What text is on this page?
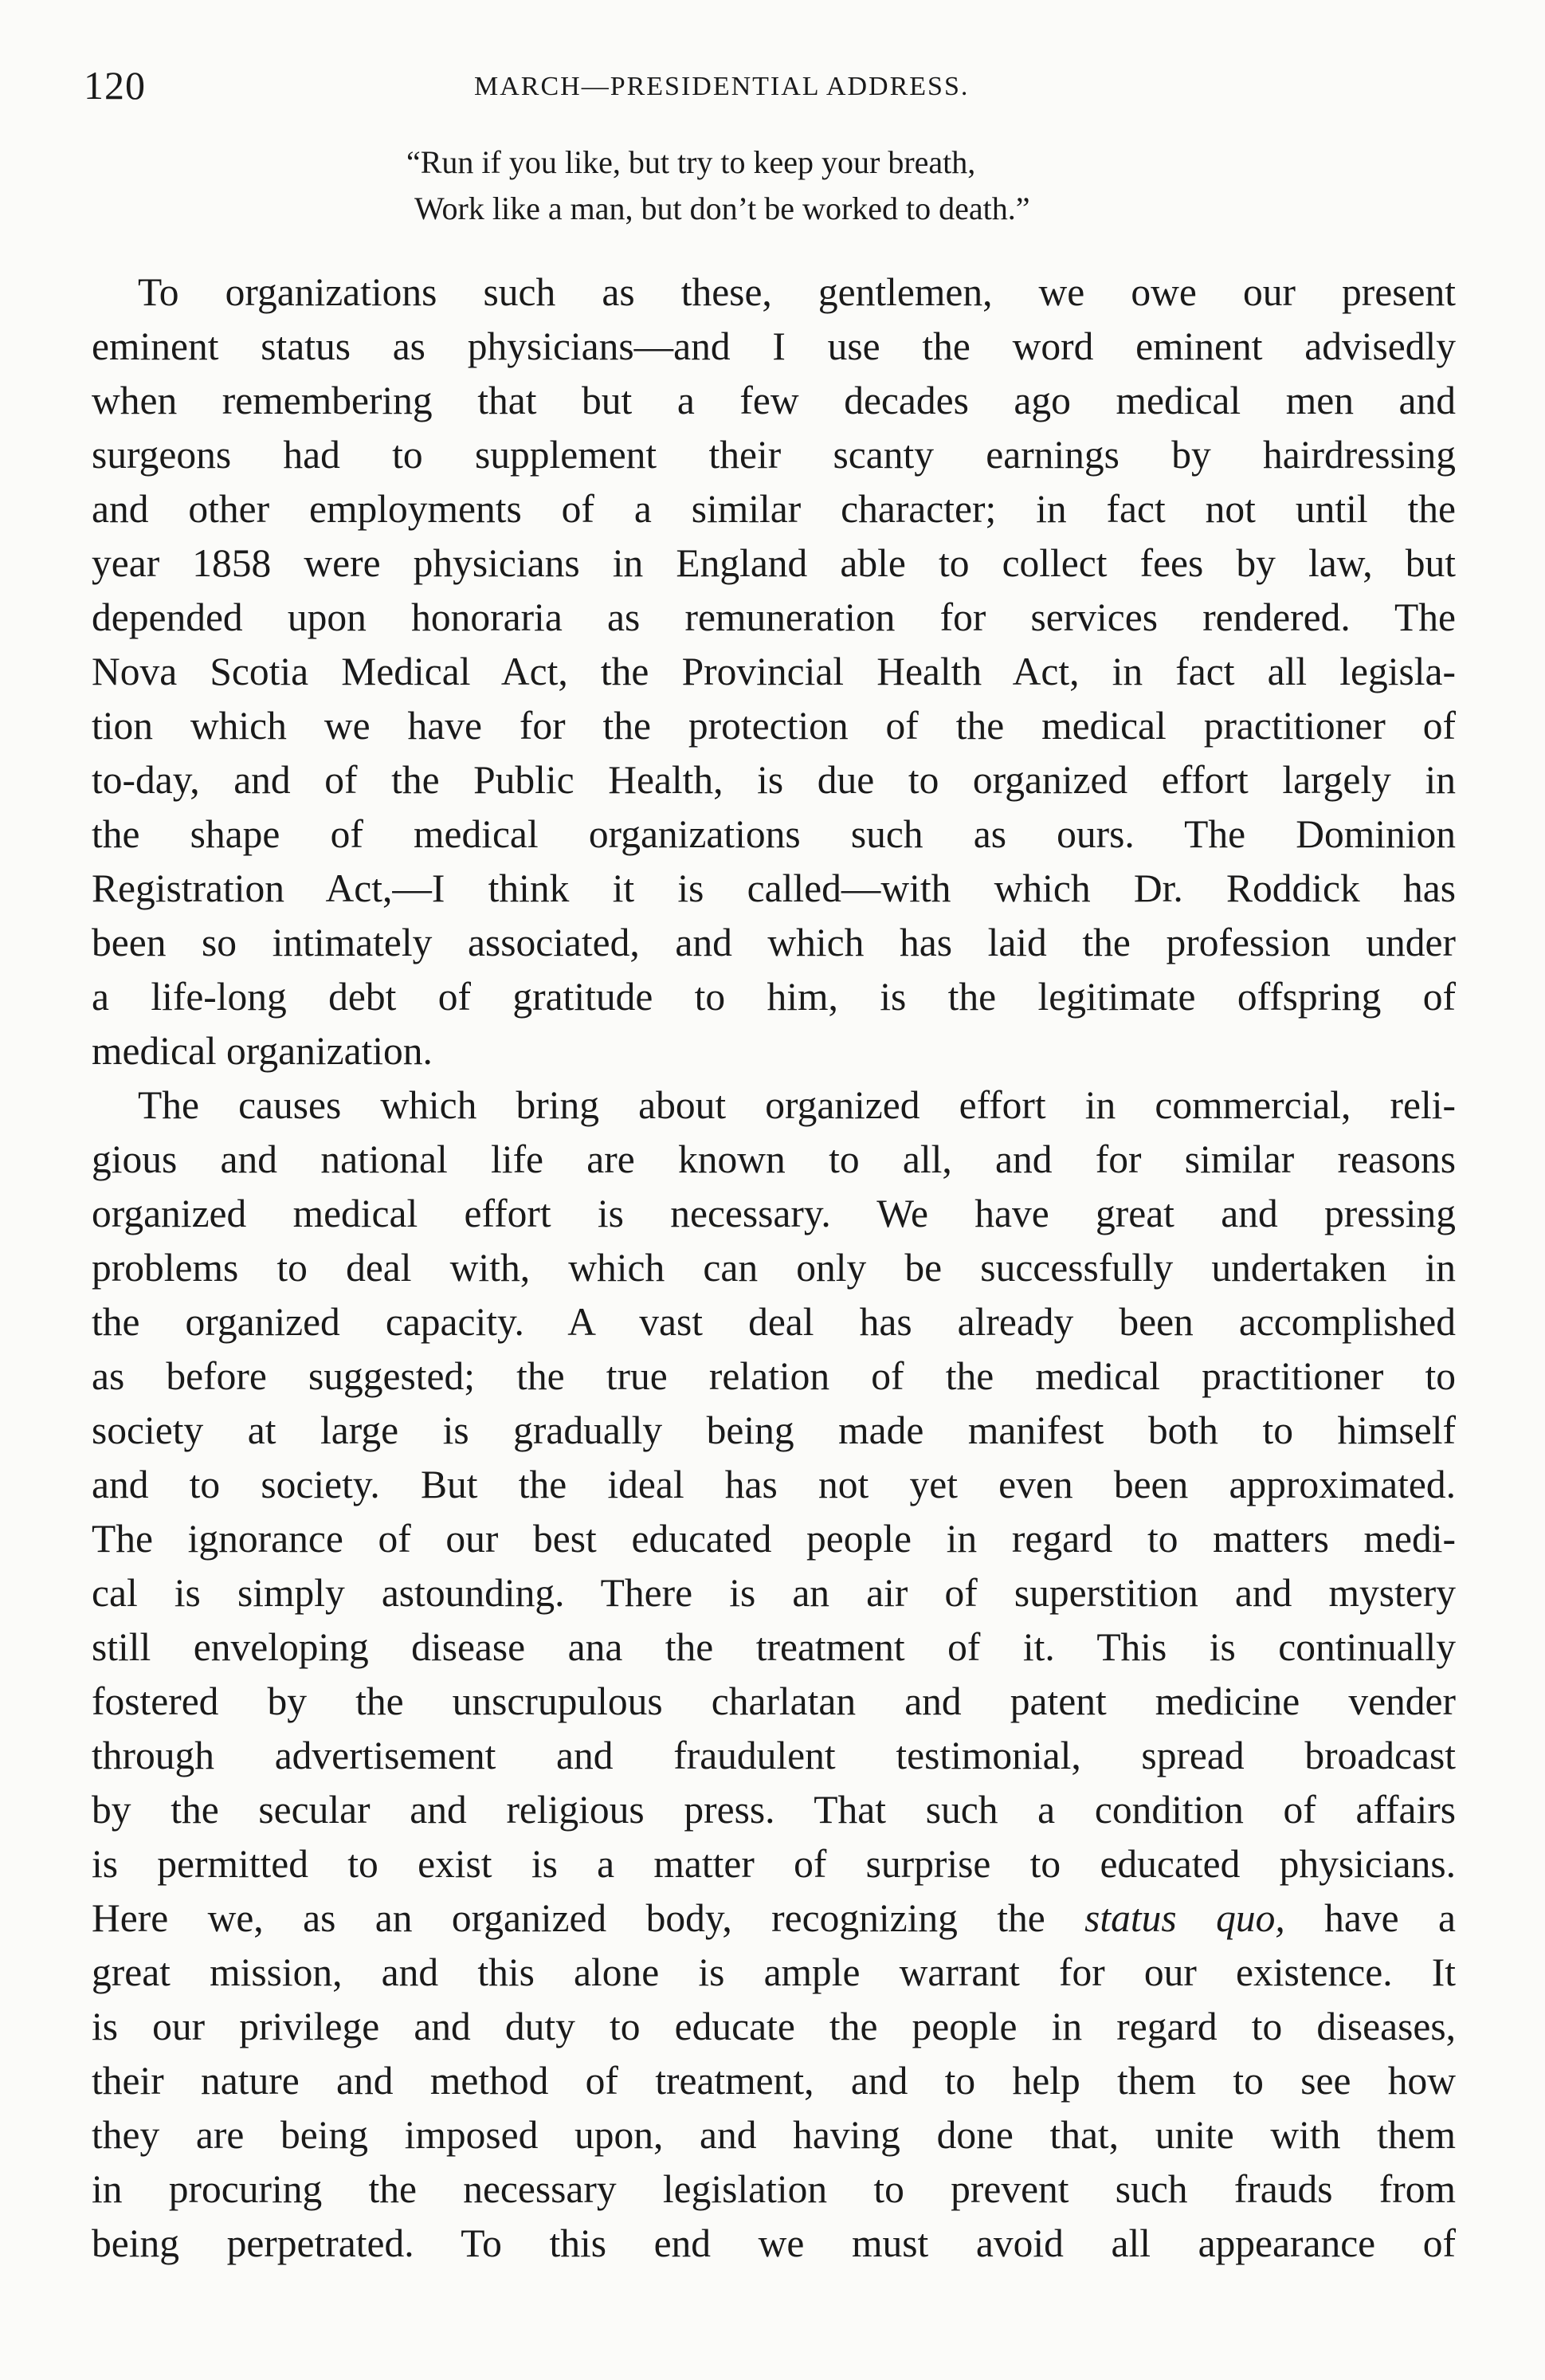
120	MARCH—PRESIDENTIAL ADDRESS.
“Run if you like, but try to keep your breath,
Work like a man, but don’t be worked to death.”
To organizations such as these, gentlemen, we owe our present
eminent status as physicians—and I use the word eminent advisedly
when remembering that but a few decades ago medical men and
surgeons had to supplement their scanty earnings by hairdressing
and other employments of a similar character; in fact not until the
year 1858 were physicians in England able to collect fees by law, but
depended upon honoraria as remuneration for services rendered. The
Nova Scotia Medical Act, the Provincial Health Act, in fact all legisla-
tion which we have for the protection of the medical practitioner of
to-day, and of the Public Health, is due to organized effort largely in
the shape of medical organizations such as ours. The Dominion
Registration Act,—I think it is called—with which Dr. Roddick has
been so intimately associated, and which has laid the profession under
a life-long debt of gratitude to him, is the legitimate offspring of
medical organization.
The causes which bring about organized effort in commercial, reli-
gious and national life are known to all, and for similar reasons
organized medical effort is necessary. We have great and pressing
problems to deal with, which can only be successfully undertaken in
the organized capacity. A vast deal has already been accomplished
as before suggested; the true relation of the medical practitioner to
society at large is gradually being made manifest both to himself
and to society. But the ideal has not yet even been approximated.
The ignorance of our best educated people in regard to matters medi-
cal is simply astounding. There is an air of superstition and mystery
still enveloping disease ana the treatment of it. This is continually
fostered by the unscrupulous charlatan and patent medicine vender
through advertisement and fraudulent testimonial, spread broadcast
by the secular and religious press. That such a condition of affairs
is permitted to exist is a matter of surprise to educated physicians.
Here we, as an organized body, recognizing the status quo, have a
great mission, and this alone is ample warrant for our existence. It
is our privilege and duty to educate the people in regard to diseases,
their nature and method of treatment, and to help them to see how
they are being imposed upon, and having done that, unite with them
in procuring the necessary legislation to prevent such frauds from
being perpetrated. To this end we must avoid all appearance of
